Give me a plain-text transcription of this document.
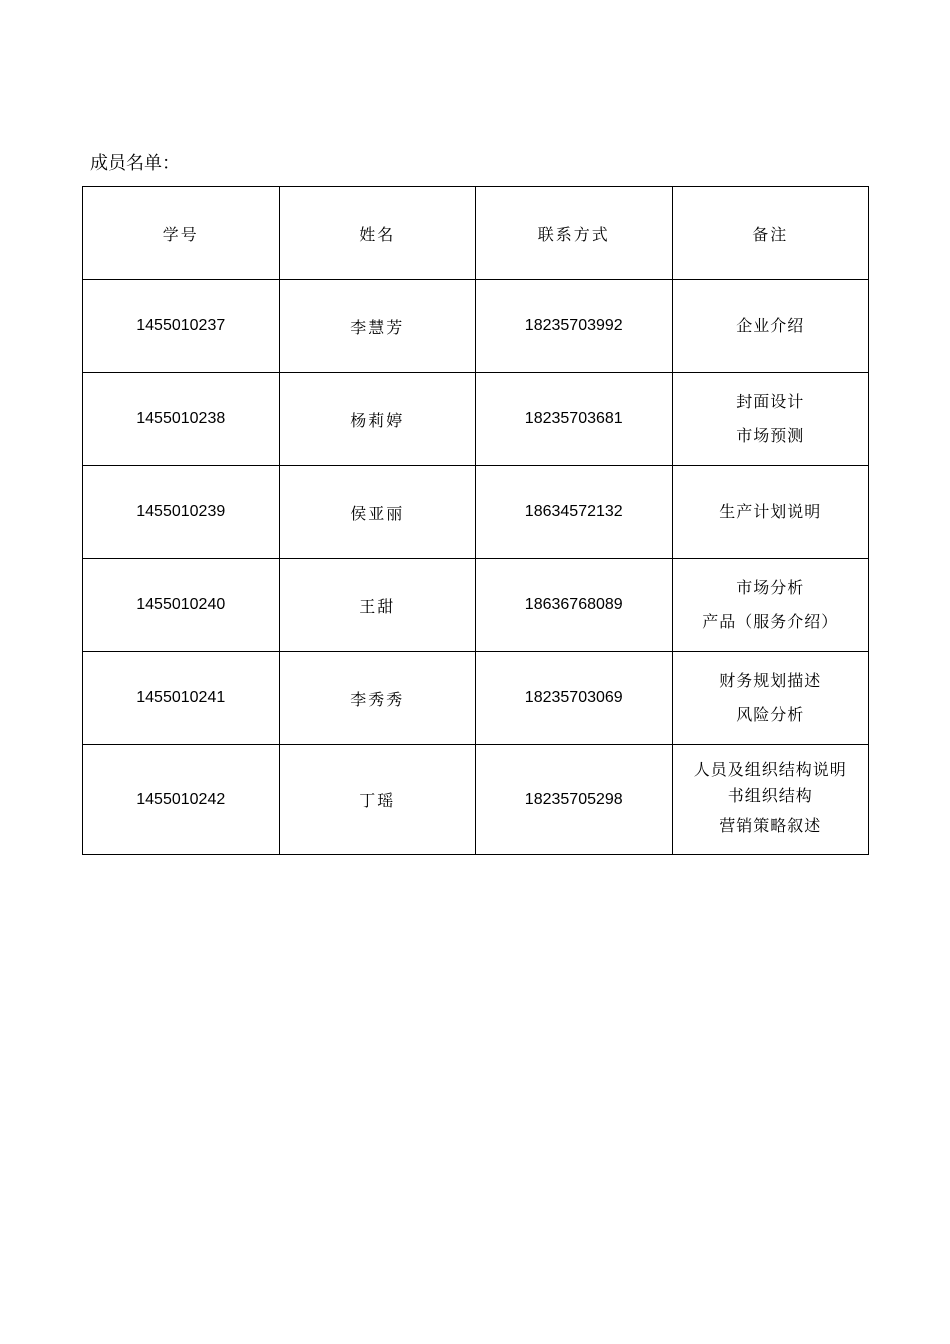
成员名单：
学号	姓名	联系方式	备注
1455010237	李慧芳	18235703992	企业介绍

1455010238	杨莉婷	18235703681	封面设计
市场预测

1455010239	侯亚丽	18634572132	生产计划说明

1455010240	王甜	18636768089	市场分析
产品（服务介绍）

1455010241	李秀秀	18235703069	财务规划描述
风险分析

1455010242	丁瑶	18235705298	人员及组织结构说明
书组织结构
营销策略叙述
